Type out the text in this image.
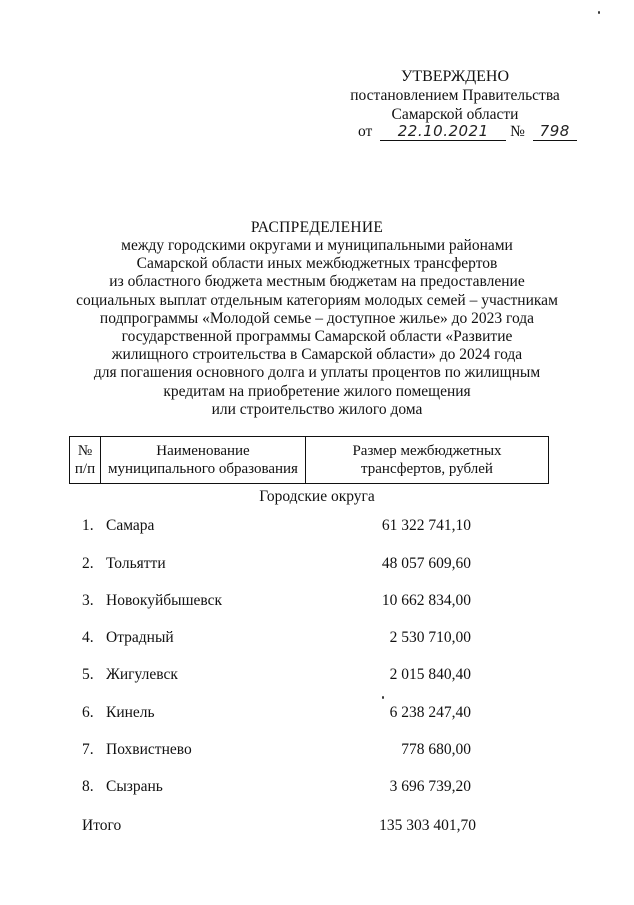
УТВЕРЖДЕНО
постановлением Правительства
Самарской области
от 22.10.2021 № 798
РАСПРЕДЕЛЕНИЕ
между городскими округами и муниципальными районами
Самарской области иных межбюджетных трансфертов
из областного бюджета местным бюджетам на предоставление
социальных выплат отдельным категориям молодых семей – участникам
подпрограммы «Молодой семье – доступное жилье» до 2023 года
государственной программы Самарской области «Развитие
жилищного строительства в Самарской области» до 2024 года
для погашения основного долга и уплаты процентов по жилищным
кредитам на приобретение жилого помещения
или строительство жилого дома
№
п/п

Наименование
муниципального образования

Размер межбюджетных
трансфертов, рублей
Городские округа
1. Самара	61 322 741,10
2. Тольятти	48 057 609,60
3. Новокуйбышевск	10 662 834,00
4. Отрадный	2 530 710,00
5. Жигулевск	2 015 840,40
6. Кинель	6 238 247,40
7. Похвистнево	778 680,00
8. Сызрань	3 696 739,20
Итого	135 303 401,70
